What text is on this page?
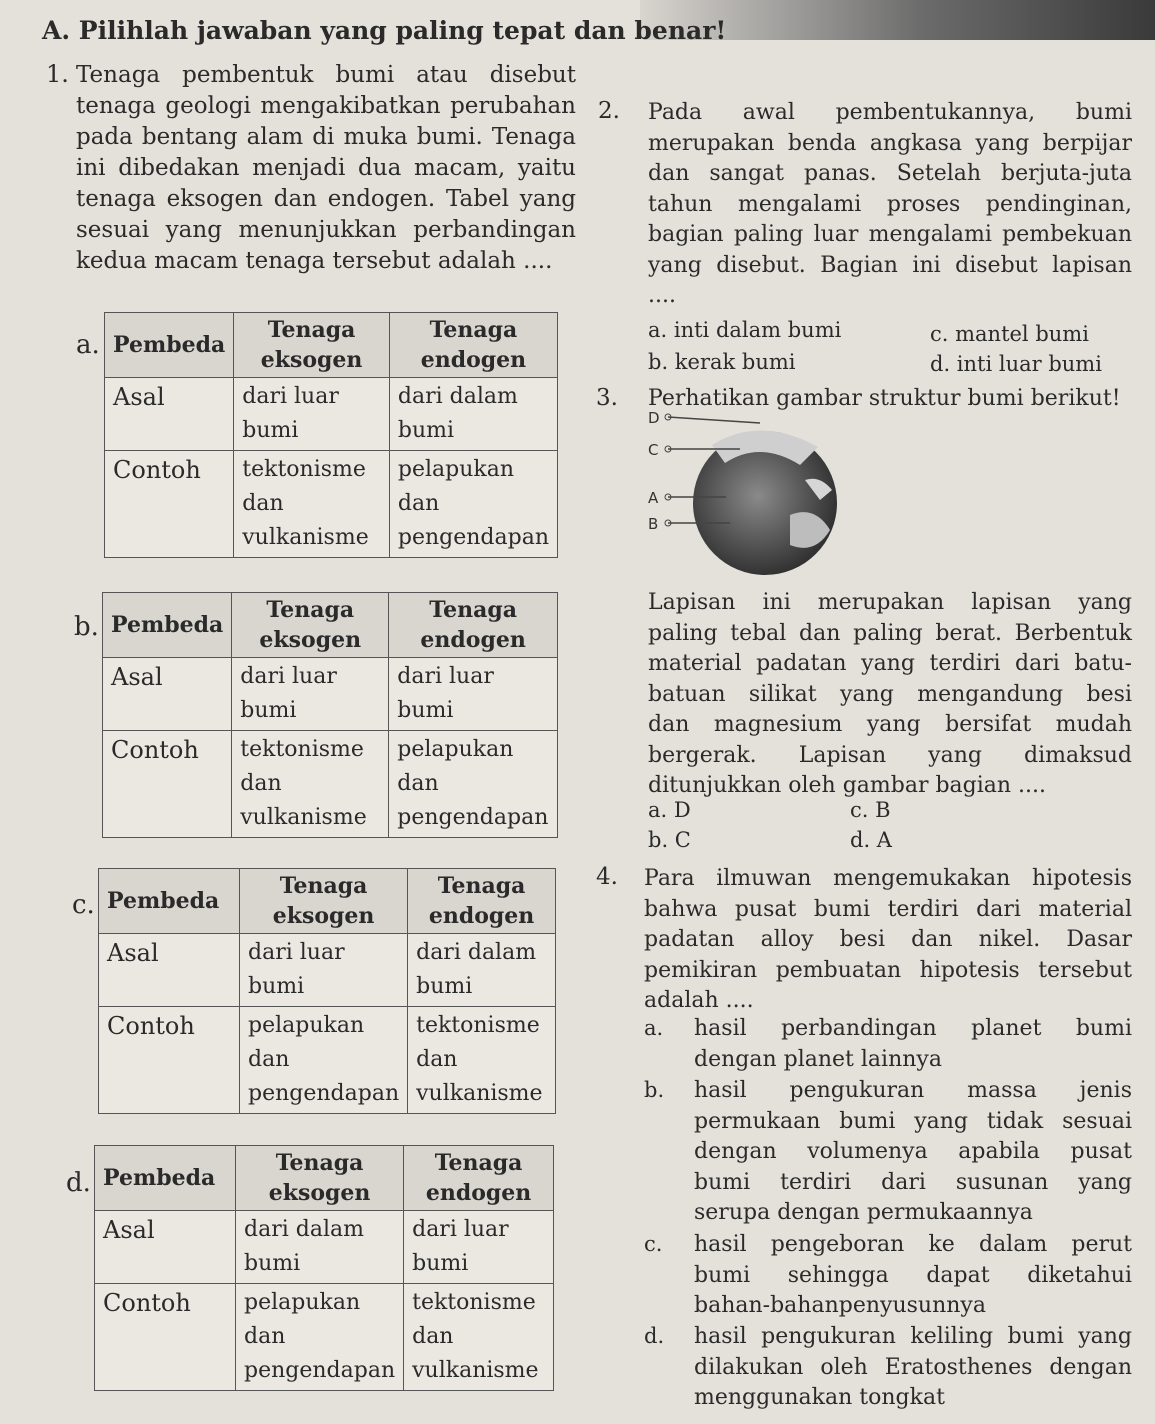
A. Pilihlah jawaban yang paling tepat dan benar!
1. Tenaga pembentuk bumi atau disebut
tenaga geologi mengakibatkan perubahan
pada bentang alam di muka bumi. Tenaga
ini dibedakan menjadi dua macam, yaitu
tenaga eksogen dan endogen. Tabel yang
sesuai yang menunjukkan perbandingan
kedua macam tenaga tersebut adalah ....
a. Pembeda	Tenaga eksogen	Tenaga endogen
Asal	dari luar bumi	dari dalam bumi
Contoh	tektonisme dan vulkanisme	pelapukan dan pengendapan
b. Pembeda	Tenaga eksogen	Tenaga endogen
Asal	dari luar bumi	dari luar bumi
Contoh	tektonisme dan vulkanisme	pelapukan dan pengendapan
c. Pembeda	Tenaga eksogen	Tenaga endogen
Asal	dari luar bumi	dari dalam bumi
Contoh	pelapukan dan pengendapan	tektonisme dan vulkanisme
d. Pembeda	Tenaga eksogen	Tenaga endogen
Asal	dari dalam bumi	dari luar bumi
Contoh	pelapukan dan pengendapan	tektonisme dan vulkanisme
2. Pada awal pembentukannya, bumi
merupakan benda angkasa yang berpijar
dan sangat panas. Setelah berjuta-juta
tahun mengalami proses pendinginan,
bagian paling luar mengalami pembekuan
yang disebut. Bagian ini disebut lapisan
....
a. inti dalam bumi	c. mantel bumi
b. kerak bumi	d. inti luar bumi
3. Perhatikan gambar struktur bumi berikut!
D
C
A
B
Lapisan ini merupakan lapisan yang
paling tebal dan paling berat. Berbentuk
material padatan yang terdiri dari batu-
batuan silikat yang mengandung besi
dan magnesium yang bersifat mudah
bergerak. Lapisan yang dimaksud
ditunjukkan oleh gambar bagian ....
a. D	c. B
b. C	d. A
4. Para ilmuwan mengemukakan hipotesis
bahwa pusat bumi terdiri dari material
padatan alloy besi dan nikel. Dasar
pemikiran pembuatan hipotesis tersebut
adalah ....
a. hasil perbandingan planet bumi
dengan planet lainnya
b. hasil pengukuran massa jenis
permukaan bumi yang tidak sesuai
dengan volumenya apabila pusat
bumi terdiri dari susunan yang
serupa dengan permukaannya
c. hasil pengeboran ke dalam perut
bumi sehingga dapat diketahui
bahan-bahanpenyusunnya
d. hasil pengukuran keliling bumi yang
dilakukan oleh Eratosthenes dengan
menggunakan tongkat
